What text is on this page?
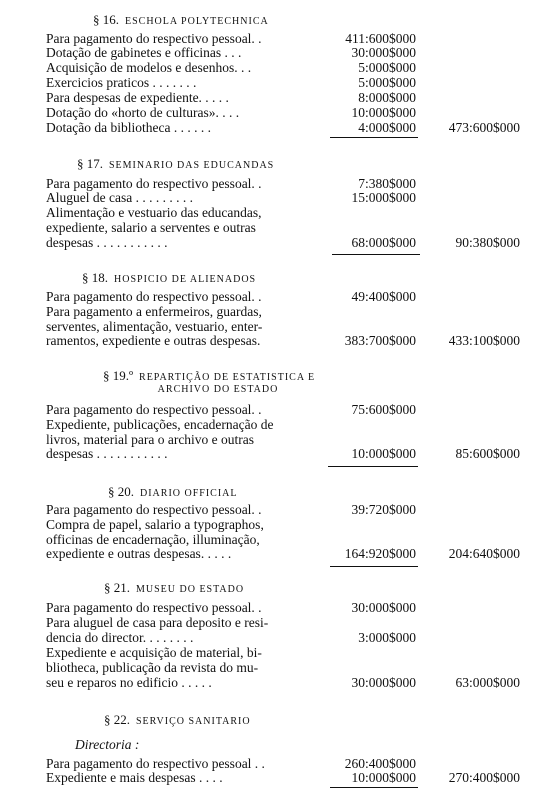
§ 16. ESCHOLA POLYTECHNICA
Para pagamento do respectivo pessoal. .	411:600$000
Dotação de gabinetes e officinas . . .	30:000$000
Acquisição de modelos e desenhos. . .	5:000$000
Exercicios praticos . . . . . . .	5:000$000
Para despesas de expediente. . . . .	8:000$000
Dotação do «horto de culturas». . . .	10:000$000
Dotação da bibliotheca . . . . . .	4:000$000	473:600$000
§ 17. SEMINARIO DAS EDUCANDAS
Para pagamento do respectivo pessoal. .	7:380$000
Aluguel de casa . . . . . . . . .	15:000$000
Alimentação e vestuario das educandas,
expediente, salario a serventes e outras
despesas . . . . . . . . . . .	68:000$000	90:380$000
§ 18. HOSPICIO DE ALIENADOS
Para pagamento do respectivo pessoal. .	49:400$000
Para pagamento a enfermeiros, guardas,
serventes, alimentação, vestuario, enter-
ramentos, expediente e outras despesas.	383:700$000	433:100$000
§ 19.º REPARTIÇÃO DE ESTATISTICA E
ARCHIVO DO ESTADO
Para pagamento do respectivo pessoal. .	75:600$000
Expediente, publicações, encadernação de
livros, material para o archivo e outras
despesas . . . . . . . . . . .	10:000$000	85:600$000
§ 20. DIARIO OFFICIAL
Para pagamento do respectivo pessoal. .	39:720$000
Compra de papel, salario a typographos,
officinas de encadernação, illuminação,
expediente e outras despesas. . . . .	164:920$000	204:640$000
§ 21. MUSEU DO ESTADO
Para pagamento do respectivo pessoal. .	30:000$000
Para aluguel de casa para deposito e resi-
dencia do director. . . . . . . .	3:000$000
Expediente e acquisição de material, bi-
bliotheca, publicação da revista do mu-
seu e reparos no edificio . . . . .	30:000$000	63:000$000
§ 22. SERVIÇO SANITARIO
Directoria :
Para pagamento do respectivo pessoal . .	260:400$000
Expediente e mais despesas . . . .	10:000$000	270:400$000
